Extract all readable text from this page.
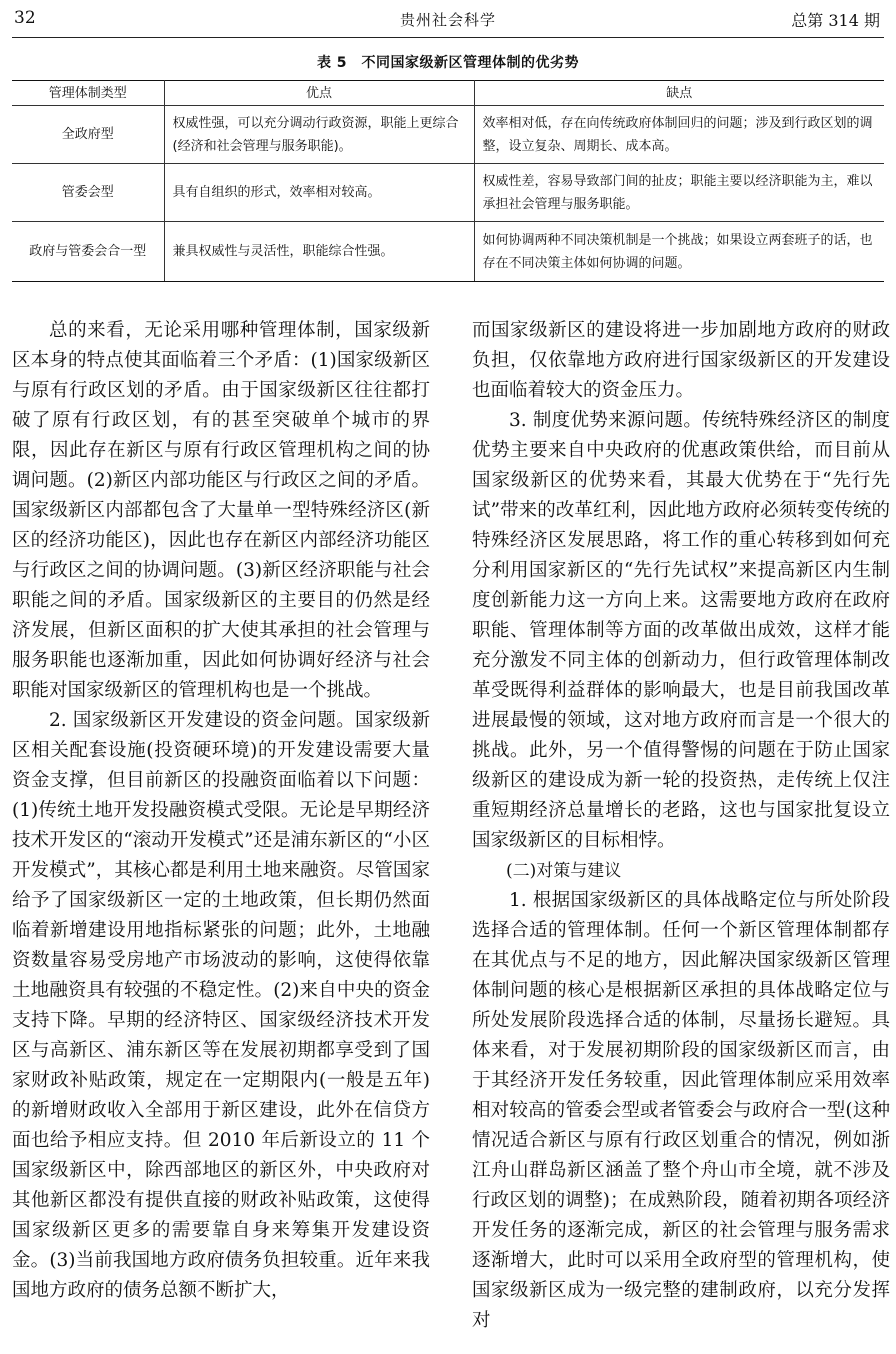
32	贵州社会科学	总第 314 期
表 5　不同国家级新区管理体制的优劣势
管理体制类型	优点	缺点
全政府型	权威性强，可以充分调动行政资源，职能上更综合(经济和社会管理与服务职能)。	效率相对低，存在向传统政府体制回归的问题；涉及到行政区划的调整，设立复杂、周期长、成本高。
管委会型	具有自组织的形式，效率相对较高。	权威性差，容易导致部门间的扯皮；职能主要以经济职能为主，难以承担社会管理与服务职能。
政府与管委会合一型	兼具权威性与灵活性，职能综合性强。	如何协调两种不同决策机制是一个挑战；如果设立两套班子的话，也存在不同决策主体如何协调的问题。

总的来看，无论采用哪种管理体制，国家级新区本身的特点使其面临着三个矛盾：(1)国家级新区与原有行政区划的矛盾。由于国家级新区往往都打破了原有行政区划，有的甚至突破单个城市的界限，因此存在新区与原有行政区管理机构之间的协调问题。(2)新区内部功能区与行政区之间的矛盾。国家级新区内部都包含了大量单一型特殊经济区(新区的经济功能区)，因此也存在新区内部经济功能区与行政区之间的协调问题。(3)新区经济职能与社会职能之间的矛盾。国家级新区的主要目的仍然是经济发展，但新区面积的扩大使其承担的社会管理与服务职能也逐渐加重，因此如何协调好经济与社会职能对国家级新区的管理机构也是一个挑战。

2. 国家级新区开发建设的资金问题。国家级新区相关配套设施(投资硬环境)的开发建设需要大量资金支撑，但目前新区的投融资面临着以下问题：(1)传统土地开发投融资模式受限。无论是早期经济技术开发区的“滚动开发模式”还是浦东新区的“小区开发模式”，其核心都是利用土地来融资。尽管国家给予了国家级新区一定的土地政策，但长期仍然面临着新增建设用地指标紧张的问题；此外，土地融资数量容易受房地产市场波动的影响，这使得依靠土地融资具有较强的不稳定性。(2)来自中央的资金支持下降。早期的经济特区、国家级经济技术开发区与高新区、浦东新区等在发展初期都享受到了国家财政补贴政策，规定在一定期限内(一般是五年)的新增财政收入全部用于新区建设，此外在信贷方面也给予相应支持。但 2010 年后新设立的 11 个国家级新区中，除西部地区的新区外，中央政府对其他新区都没有提供直接的财政补贴政策，这使得国家级新区更多的需要靠自身来筹集开发建设资金。(3)当前我国地方政府债务负担较重。近年来我国地方政府的债务总额不断扩大，

而国家级新区的建设将进一步加剧地方政府的财政负担，仅依靠地方政府进行国家级新区的开发建设也面临着较大的资金压力。

3. 制度优势来源问题。传统特殊经济区的制度优势主要来自中央政府的优惠政策供给，而目前从国家级新区的优势来看，其最大优势在于“先行先试”带来的改革红利，因此地方政府必须转变传统的特殊经济区发展思路，将工作的重心转移到如何充分利用国家新区的“先行先试权”来提高新区内生制度创新能力这一方向上来。这需要地方政府在政府职能、管理体制等方面的改革做出成效，这样才能充分激发不同主体的创新动力，但行政管理体制改革受既得利益群体的影响最大，也是目前我国改革进展最慢的领域，这对地方政府而言是一个很大的挑战。此外，另一个值得警惕的问题在于防止国家级新区的建设成为新一轮的投资热，走传统上仅注重短期经济总量增长的老路，这也与国家批复设立国家级新区的目标相悖。

(二)对策与建议

1. 根据国家级新区的具体战略定位与所处阶段选择合适的管理体制。任何一个新区管理体制都存在其优点与不足的地方，因此解决国家级新区管理体制问题的核心是根据新区承担的具体战略定位与所处发展阶段选择合适的体制，尽量扬长避短。具体来看，对于发展初期阶段的国家级新区而言，由于其经济开发任务较重，因此管理体制应采用效率相对较高的管委会型或者管委会与政府合一型(这种情况适合新区与原有行政区划重合的情况，例如浙江舟山群岛新区涵盖了整个舟山市全境，就不涉及行政区划的调整)；在成熟阶段，随着初期各项经济开发任务的逐渐完成，新区的社会管理与服务需求逐渐增大，此时可以采用全政府型的管理机构，使国家级新区成为一级完整的建制政府，以充分发挥对
